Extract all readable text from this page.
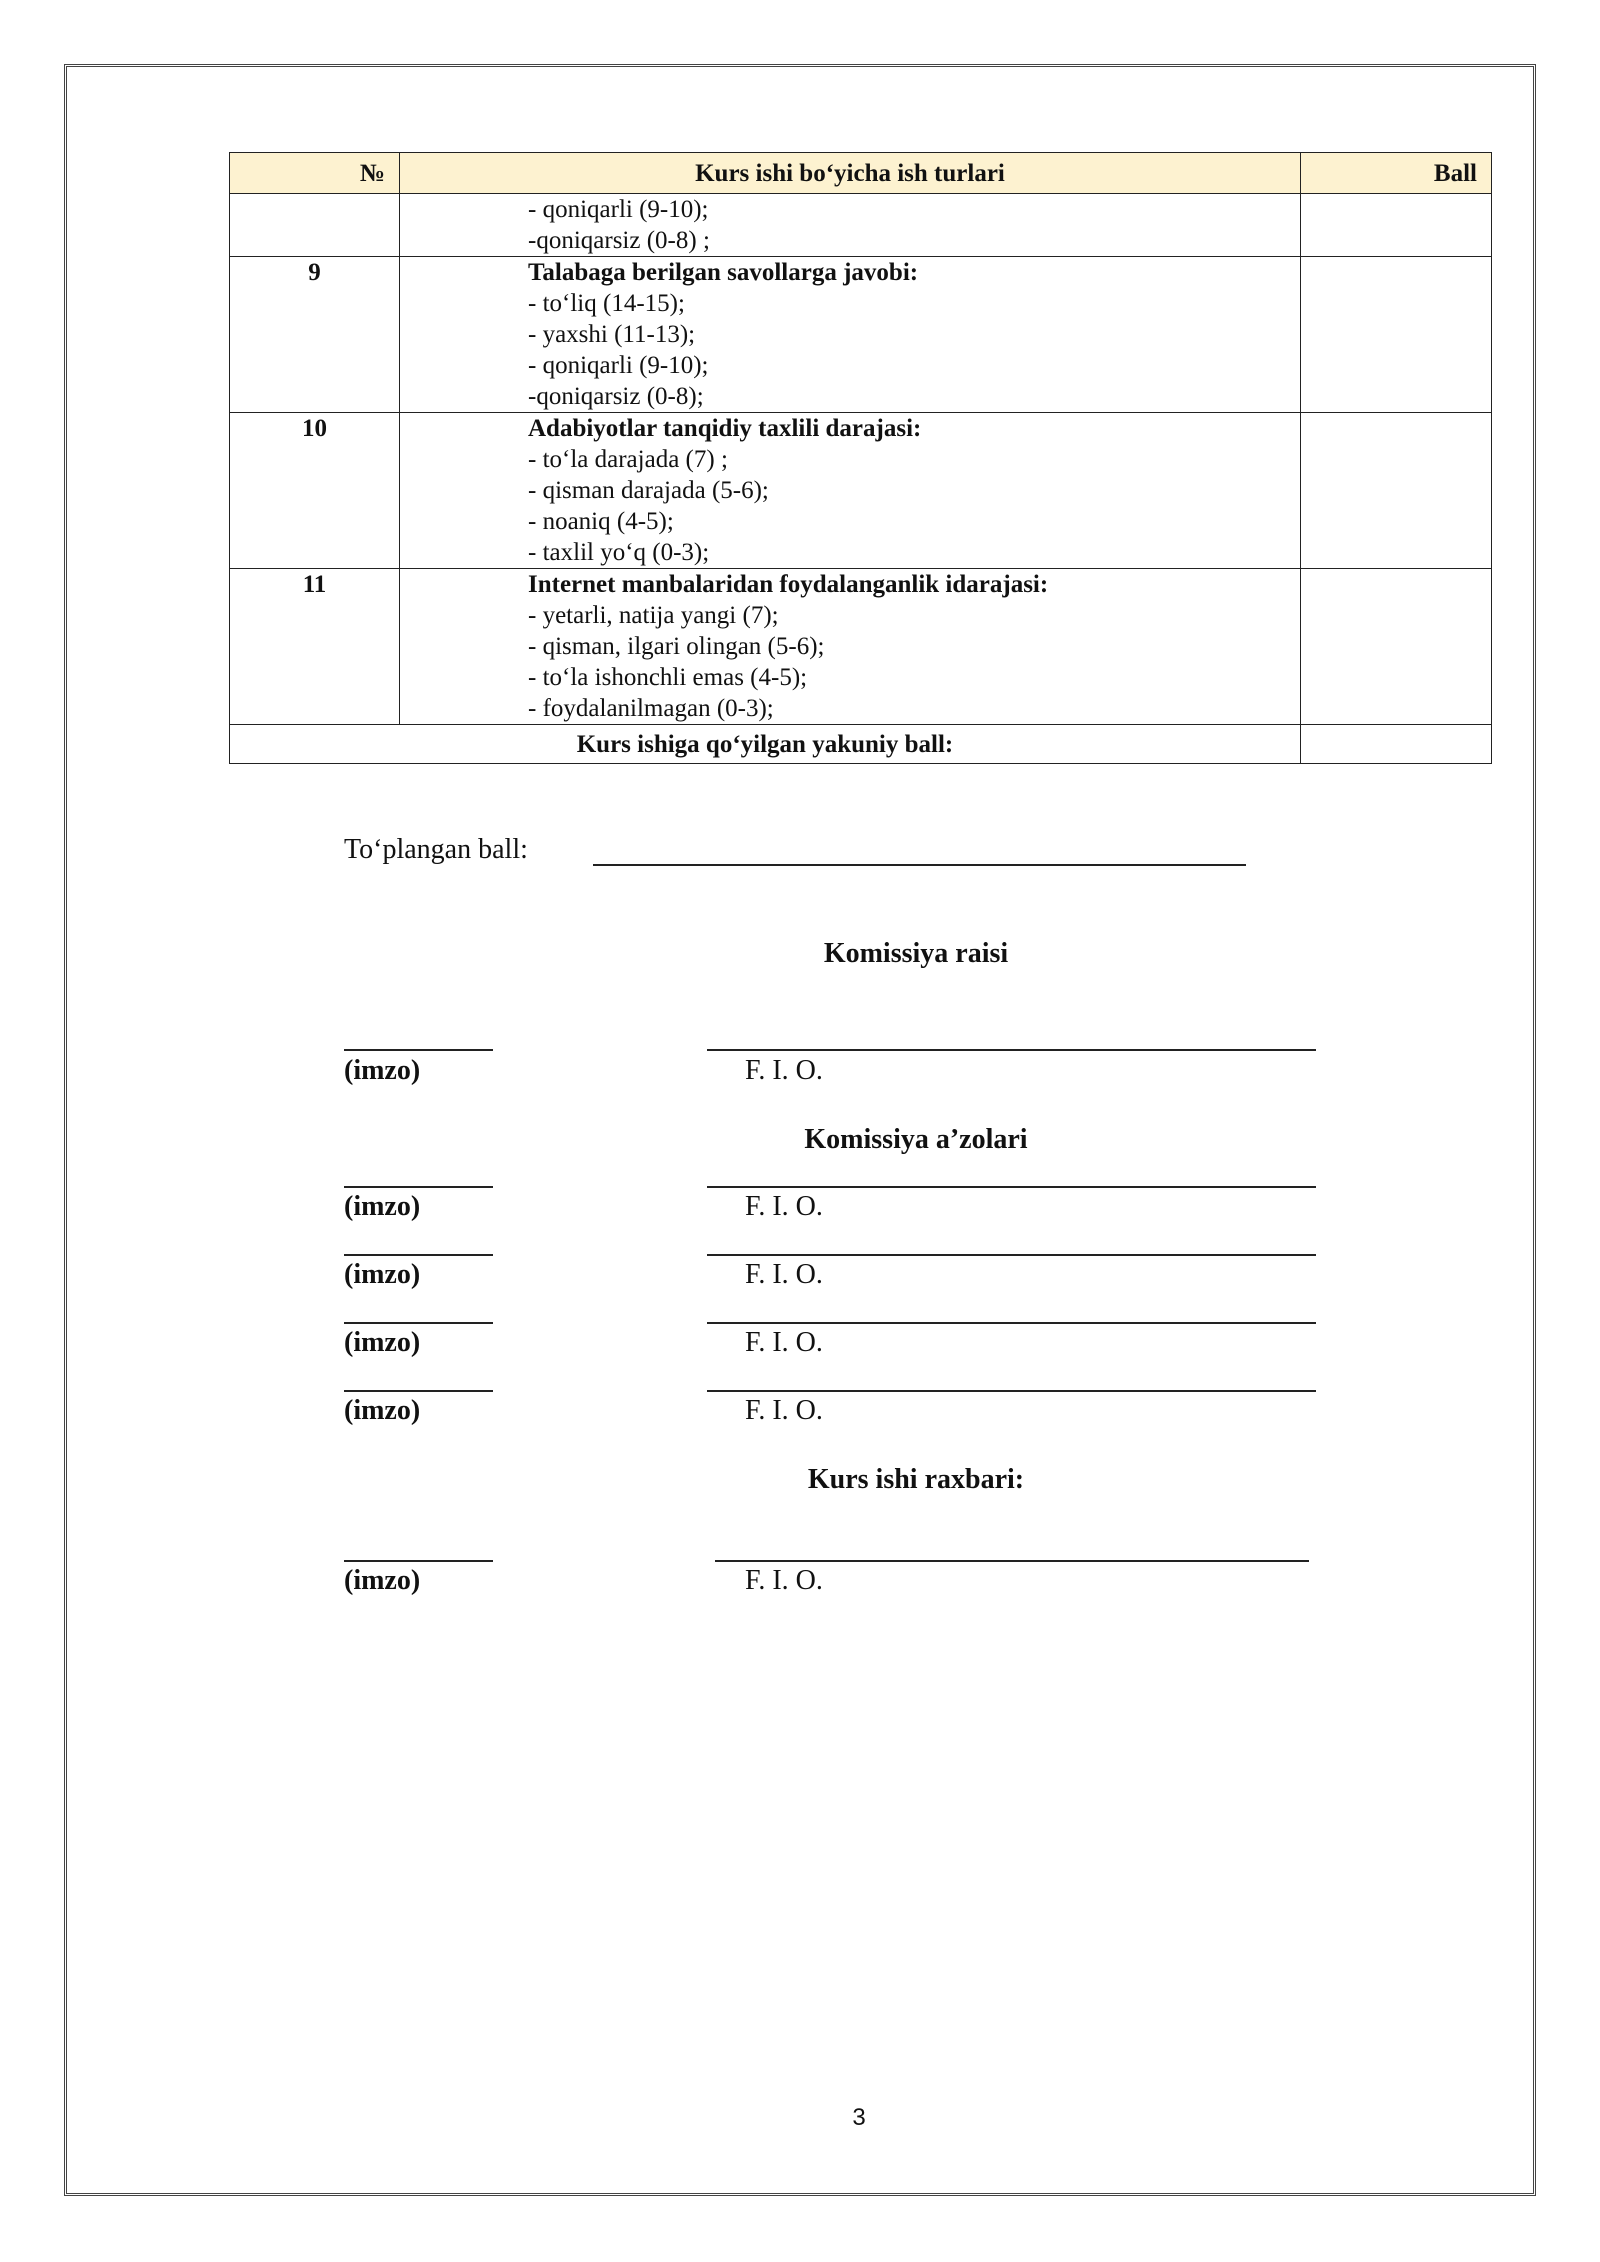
№	Kurs ishi bo‘yicha ish turlari	Ball

	- qoniqarli (9-10);
-qoniqarsiz (0-8) ;	

9	Talabaga berilgan savollarga javobi:
- to‘liq (14-15);
- yaxshi (11-13);
- qoniqarli (9-10);
-qoniqarsiz (0-8);	

10	Adabiyotlar tanqidiy taxlili darajasi:
- to‘la darajada (7) ;
- qisman darajada (5-6);
- noaniq (4-5);
- taxlil yo‘q (0-3);	

11	Internet manbalaridan foydalanganlik idarajasi:
- yetarli, natija yangi (7);
- qisman, ilgari olingan (5-6);
- to‘la ishonchli emas (4-5);
- foydalanilmagan (0-3);	

Kurs ishiga qo‘yilgan yakuniy ball:		
To‘plangan ball:
Komissiya raisi
(imzo)	F. I. O.
Komissiya a’zolari
(imzo)	F. I. O.
(imzo)	F. I. O.
(imzo)	F. I. O.
(imzo)	F. I. O.
Kurs ishi raxbari:
(imzo)	F. I. O.
3
